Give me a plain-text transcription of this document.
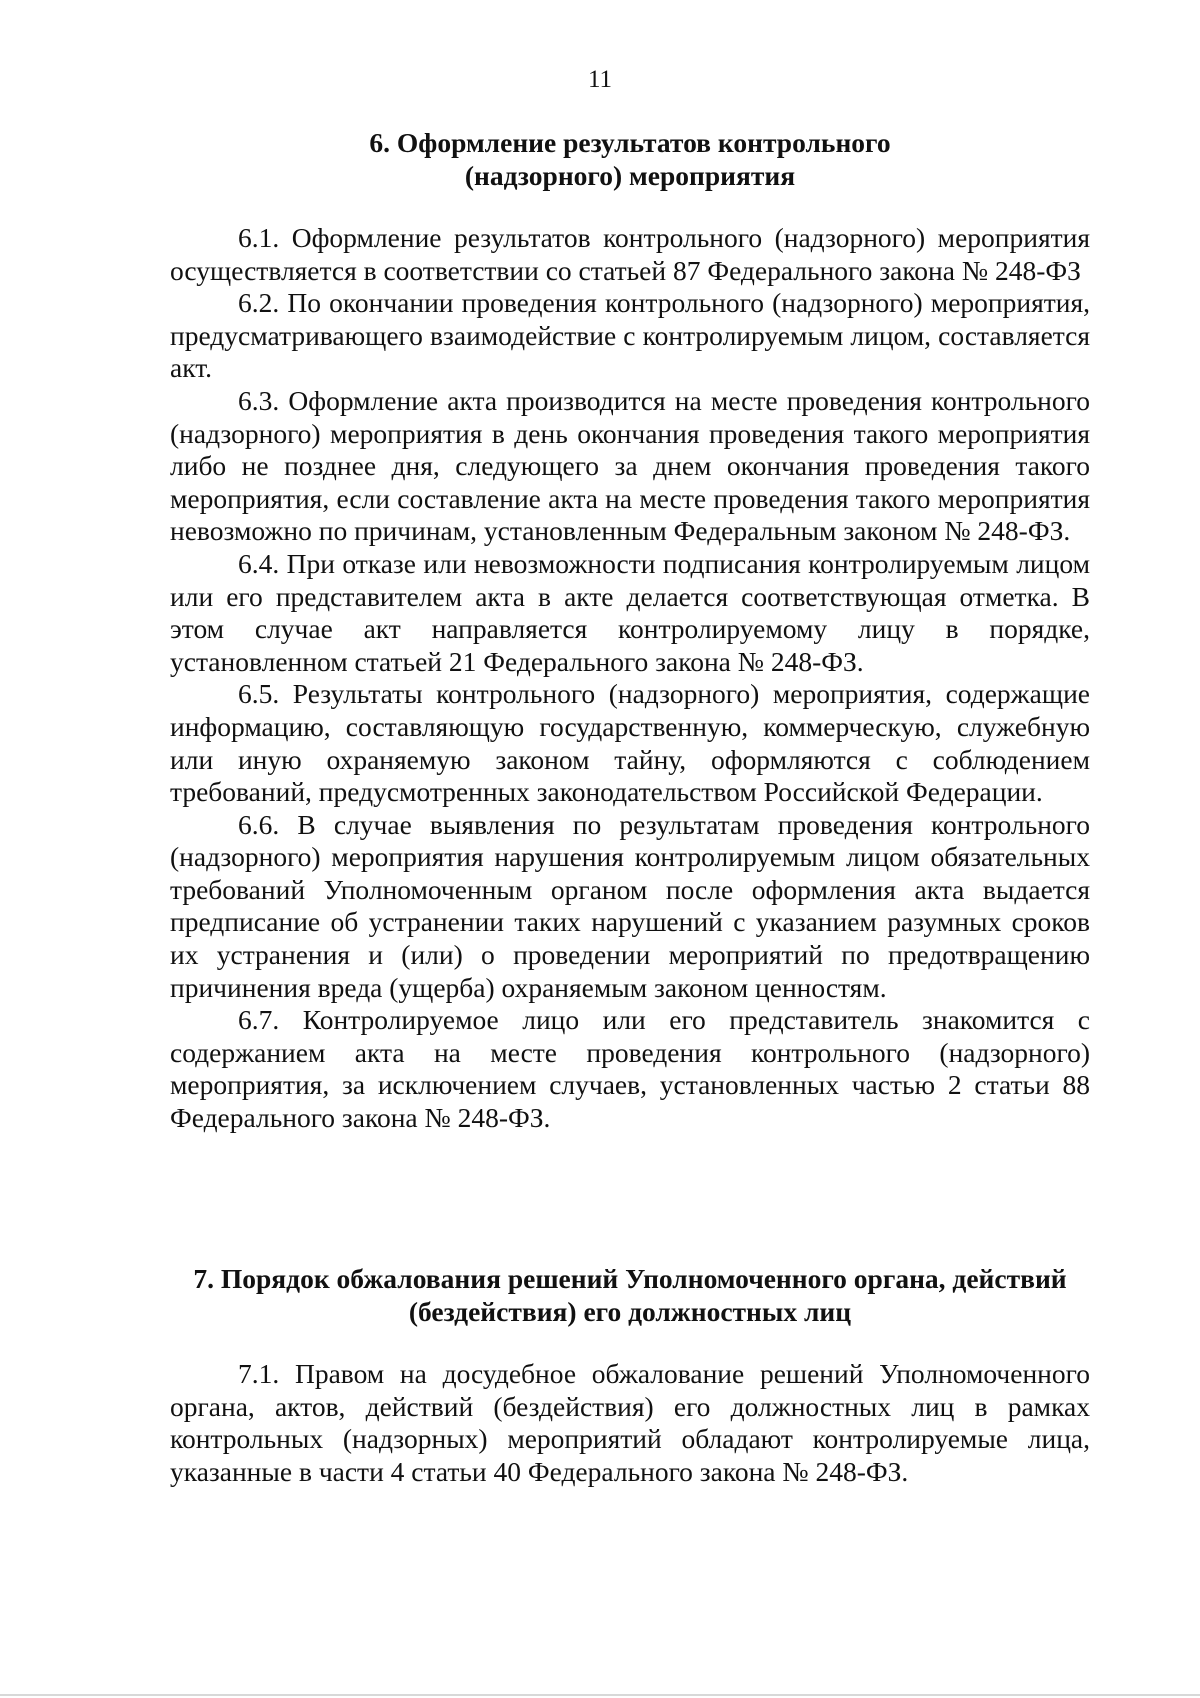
11
6. Оформление результатов контрольного
(надзорного) мероприятия

6.1. Оформление результатов контрольного (надзорного) мероприятия осуществляется в соответствии со статьей 87 Федерального закона № 248-ФЗ

6.2. По окончании проведения контрольного (надзорного) мероприятия, предусматривающего взаимодействие с контролируемым лицом, составляется акт.

6.3. Оформление акта производится на месте проведения контрольного (надзорного) мероприятия в день окончания проведения такого мероприятия либо не позднее дня, следующего за днем окончания проведения такого мероприятия, если составление акта на месте проведения такого мероприятия невозможно по причинам, установленным Федеральным законом № 248-ФЗ.

6.4. При отказе или невозможности подписания контролируемым лицом или его представителем акта в акте делается соответствующая отметка. В этом случае акт направляется контролируемому лицу в порядке, установленном статьей 21 Федерального закона № 248-ФЗ.

6.5. Результаты контрольного (надзорного) мероприятия, содержащие информацию, составляющую государственную, коммерческую, служебную или иную охраняемую законом тайну, оформляются с соблюдением требований, предусмотренных законодательством Российской Федерации.

6.6. В случае выявления по результатам проведения контрольного (надзорного) мероприятия нарушения контролируемым лицом обязательных требований Уполномоченным органом после оформления акта выдается предписание об устранении таких нарушений с указанием разумных сроков их устранения и (или) о проведении мероприятий по предотвращению причинения вреда (ущерба) охраняемым законом ценностям.

6.7. Контролируемое лицо или его представитель знакомится с содержанием акта на месте проведения контрольного (надзорного) мероприятия, за исключением случаев, установленных частью 2 статьи 88 Федерального закона № 248-ФЗ.

7. Порядок обжалования решений Уполномоченного органа, действий
(бездействия) его должностных лиц

7.1. Правом на досудебное обжалование решений Уполномоченного органа, актов, действий (бездействия) его должностных лиц в рамках контрольных (надзорных) мероприятий обладают контролируемые лица, указанные в части 4 статьи 40 Федерального закона № 248-ФЗ.
